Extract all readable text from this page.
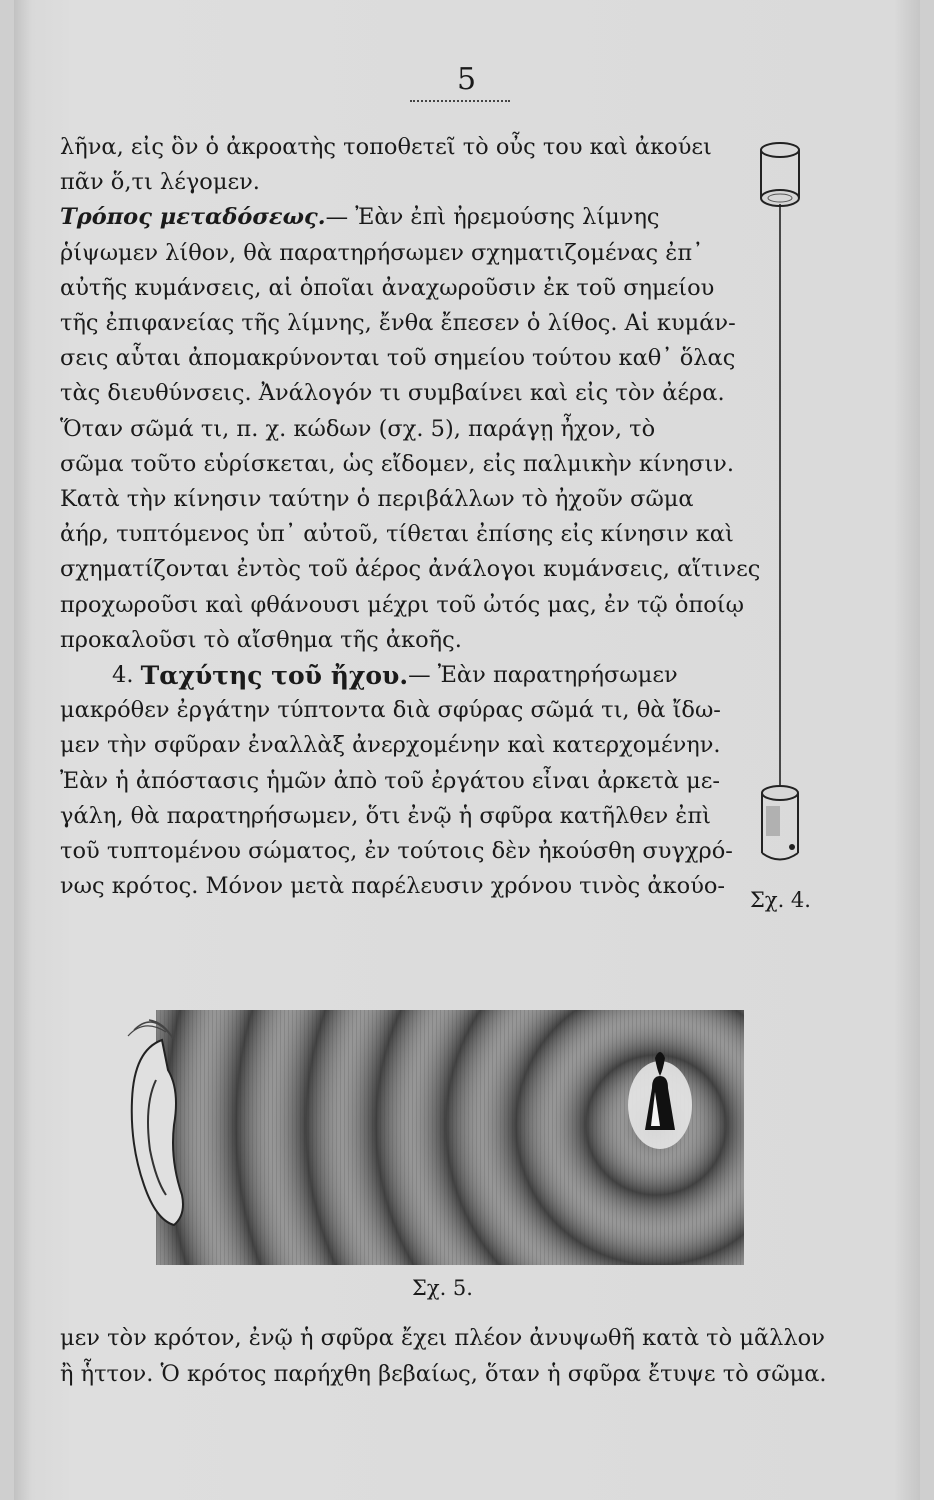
5
λῆνα, εἰς ὃν ὁ ἀκροατὴς τοποθετεῖ τὸ οὖς του καὶ ἀκούει
πᾶν ὅ,τι λέγομεν.
Τρόπος μεταδόσεως. — Ἐὰν ἐπὶ ἠρεμούσης λίμνης
ῥίψωμεν λίθον, θὰ παρατηρήσωμεν σχηματιζομένας ἐπ᾽
αὐτῆς κυμάνσεις, αἱ ὁποῖαι ἀναχωροῦσιν ἐκ τοῦ σημείου
τῆς ἐπιφανείας τῆς λίμνης, ἔνθα ἔπεσεν ὁ λίθος. Αἱ κυμάν-
σεις αὗται ἀπομακρύνονται τοῦ σημείου τούτου καθ᾽ ὅλας
τὰς διευθύνσεις. Ἀνάλογόν τι συμβαίνει καὶ εἰς τὸν ἀέρα.
Ὅταν σῶμά τι, π. χ. κώδων (σχ. 5), παράγῃ ἦχον, τὸ
σῶμα τοῦτο εὑρίσκεται, ὡς εἴδομεν, εἰς παλμικὴν κίνησιν.
Κατὰ τὴν κίνησιν ταύτην ὁ περιβάλλων τὸ ἠχοῦν σῶμα
ἀήρ, τυπτόμενος ὑπ᾽ αὐτοῦ, τίθεται ἐπίσης εἰς κίνησιν καὶ
σχηματίζονται ἐντὸς τοῦ ἀέρος ἀνάλογοι κυμάνσεις, αἵτινες
προχωροῦσι καὶ φθάνουσι μέχρι τοῦ ὠτός μας, ἐν τῷ ὁποίῳ
προκαλοῦσι τὸ αἴσθημα τῆς ἀκοῆς.
4.
Ταχύτης τοῦ ἤχου. — Ἐὰν παρατηρήσωμεν
μακρόθεν ἐργάτην τύπτοντα διὰ σφύρας σῶμά τι, θὰ ἴδω-
μεν τὴν σφῦραν ἐναλλὰξ ἀνερχομένην καὶ κατερχομένην.
Ἐὰν ἡ ἀπόστασις ἡμῶν ἀπὸ τοῦ ἐργάτου εἶναι ἀρκετὰ με-
γάλη, θὰ παρατηρήσωμεν, ὅτι ἐνῷ ἡ σφῦρα κατῆλθεν ἐπὶ
τοῦ τυπτομένου σώματος, ἐν τούτοις δὲν ἠκούσθη συγχρό-
νως κρότος. Μόνον μετὰ παρέλευσιν χρόνου τινὸς ἀκούο-
Σχ. 4.
Σχ. 5.
μεν τὸν κρότον, ἐνῷ ἡ σφῦρα ἔχει πλέον ἀνυψωθῆ κατὰ τὸ μᾶλλον
ἢ ἧττον. Ὁ κρότος παρήχθη βεβαίως, ὅταν ἡ σφῦρα ἔτυψε τὸ σῶμα.
